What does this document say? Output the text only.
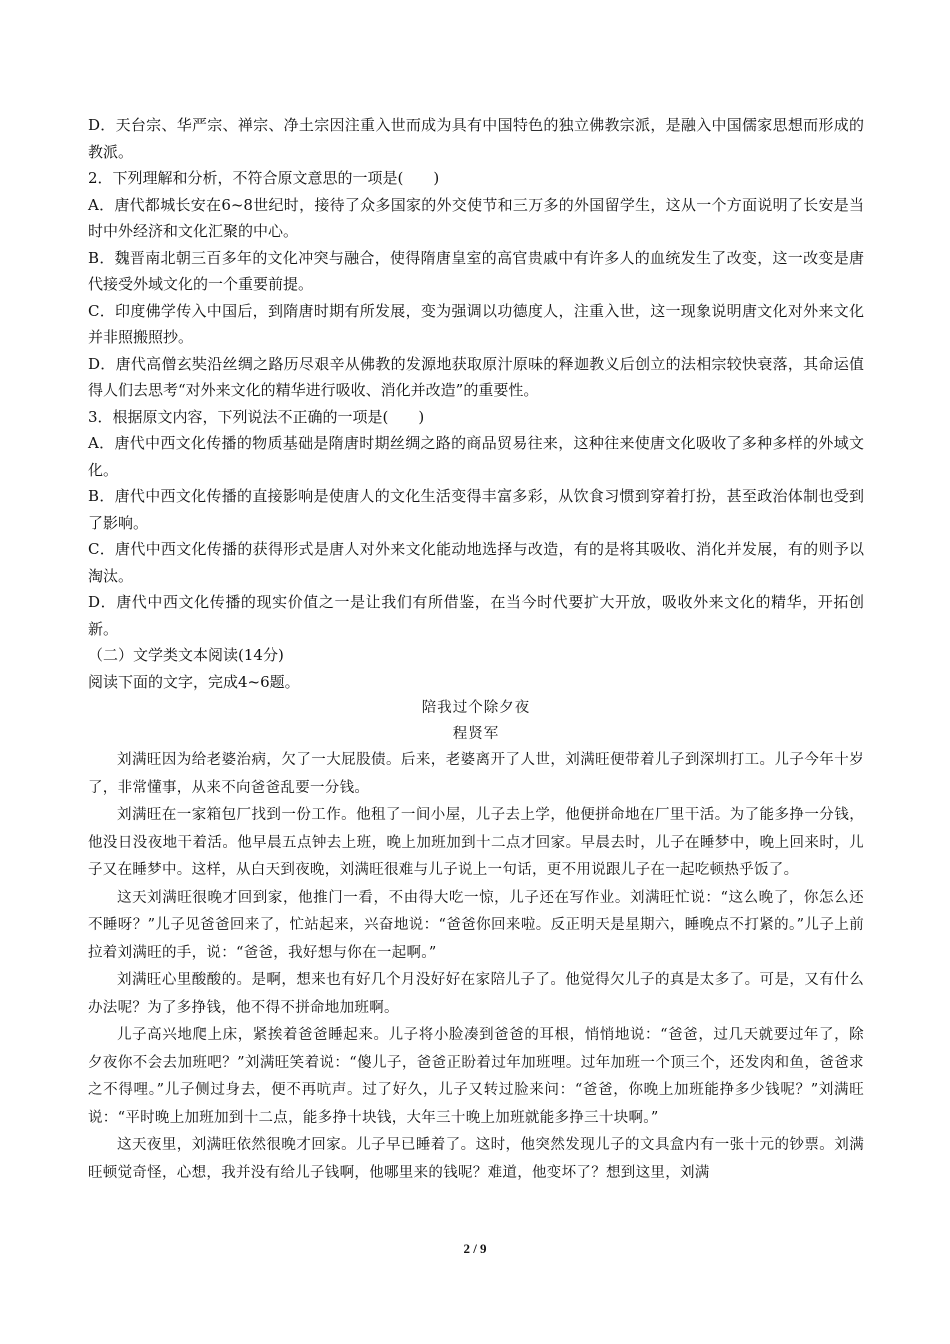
D．天台宗、华严宗、禅宗、净土宗因注重入世而成为具有中国特色的独立佛教宗派，是融入中国儒家思想而形成的教派。

2．下列理解和分析，不符合原文意思的一项是(　　)

A．唐代都城长安在6~8世纪时，接待了众多国家的外交使节和三万多的外国留学生，这从一个方面说明了长安是当时中外经济和文化汇聚的中心。

B．魏晋南北朝三百多年的文化冲突与融合，使得隋唐皇室的高官贵戚中有许多人的血统发生了改变，这一改变是唐代接受外域文化的一个重要前提。

C．印度佛学传入中国后，到隋唐时期有所发展，变为强调以功德度人，注重入世，这一现象说明唐文化对外来文化并非照搬照抄。

D．唐代高僧玄奘沿丝绸之路历尽艰辛从佛教的发源地获取原汁原味的释迦教义后创立的法相宗较快衰落，其命运值得人们去思考“对外来文化的精华进行吸收、消化并改造”的重要性。

3．根据原文内容，下列说法不正确的一项是(　　)

A．唐代中西文化传播的物质基础是隋唐时期丝绸之路的商品贸易往来，这种往来使唐文化吸收了多种多样的外域文化。

B．唐代中西文化传播的直接影响是使唐人的文化生活变得丰富多彩，从饮食习惯到穿着打扮，甚至政治体制也受到了影响。

C．唐代中西文化传播的获得形式是唐人对外来文化能动地选择与改造，有的是将其吸收、消化并发展，有的则予以淘汰。

D．唐代中西文化传播的现实价值之一是让我们有所借鉴，在当今时代要扩大开放，吸收外来文化的精华，开拓创新。

（二）文学类文本阅读(14分)

阅读下面的文字，完成4~6题。

陪我过个除夕夜

程贤军

刘满旺因为给老婆治病，欠了一大屁股债。后来，老婆离开了人世，刘满旺便带着儿子到深圳打工。儿子今年十岁了，非常懂事，从来不向爸爸乱要一分钱。

刘满旺在一家箱包厂找到一份工作。他租了一间小屋，儿子去上学，他便拼命地在厂里干活。为了能多挣一分钱，他没日没夜地干着活。他早晨五点钟去上班，晚上加班加到十二点才回家。早晨去时，儿子在睡梦中，晚上回来时，儿子又在睡梦中。这样，从白天到夜晚，刘满旺很难与儿子说上一句话，更不用说跟儿子在一起吃顿热乎饭了。

这天刘满旺很晚才回到家，他推门一看，不由得大吃一惊，儿子还在写作业。刘满旺忙说：“这么晚了，你怎么还不睡呀？”儿子见爸爸回来了，忙站起来，兴奋地说：“爸爸你回来啦。反正明天是星期六，睡晚点不打紧的。”儿子上前拉着刘满旺的手，说：“爸爸，我好想与你在一起啊。”

刘满旺心里酸酸的。是啊，想来也有好几个月没好好在家陪儿子了。他觉得欠儿子的真是太多了。可是，又有什么办法呢？为了多挣钱，他不得不拼命地加班啊。

儿子高兴地爬上床，紧挨着爸爸睡起来。儿子将小脸凑到爸爸的耳根，悄悄地说：“爸爸，过几天就要过年了，除夕夜你不会去加班吧？”刘满旺笑着说：“傻儿子，爸爸正盼着过年加班哩。过年加班一个顶三个，还发肉和鱼，爸爸求之不得哩。”儿子侧过身去，便不再吭声。过了好久，儿子又转过脸来问：“爸爸，你晚上加班能挣多少钱呢？”刘满旺说：“平时晚上加班加到十二点，能多挣十块钱，大年三十晚上加班就能多挣三十块啊。”

这天夜里，刘满旺依然很晚才回家。儿子早已睡着了。这时，他突然发现儿子的文具盒内有一张十元的钞票。刘满旺顿觉奇怪，心想，我并没有给儿子钱啊，他哪里来的钱呢？难道，他变坏了？想到这里，刘满

2 / 9
